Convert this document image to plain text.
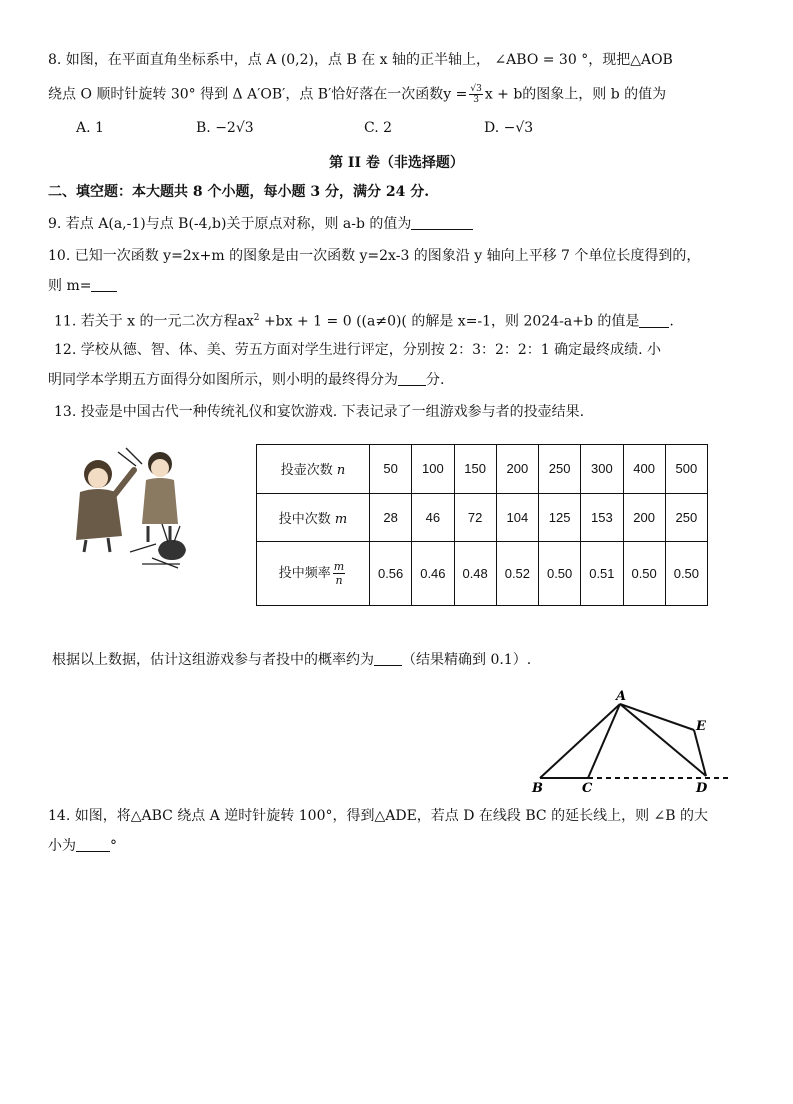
8. 如图，在平面直角坐标系中，点 A (0,2)，点 B 在 x 轴的正半轴上， ∠ABO = 30 °，现把△AOB
绕点 O 顺时针旋转 30° 得到 Δ A′OB′，点 B′恰好落在一次函数$y = \frac{√3}{3}$ x + b的图象上，则 b 的值为
A. 1	B. −2√3	C. 2	D. −√3
第 II 卷（非选择题）
二、填空题：本大题共 8 个小题，每小题 3 分，满分 24 分.
9. 若点 A(a,-1)与点 B(-4,b)关于原点对称，则 a-b 的值为
10. 已知一次函数 y=2x+m 的图象是由一次函数 y=2x-3 的图象沿 y 轴向上平移 7 个单位长度得到的，
则 m=
11. 若关于 x 的一元二次方程$ax^2 +bx + 1 = 0$ ((a≠0)( 的解是 x=-1，则 2024-a+b 的值是 .
12. 学校从德、智、体、美、劳五方面对学生进行评定，分别按 2：3：2：2：1 确定最终成绩. 小
明同学本学期五方面得分如图所示，则小明的最终得分为 分.
13. 投壶是中国古代一种传统礼仪和宴饮游戏. 下表记录了一组游戏参与者的投壶结果.
投壶次数 n	50	100	150	200	250	300	400	500
投中次数 m	28	46	72	104	125	153	200	250
投中频率 $\frac{m}{n}$	0.56	0.46	0.48	0.52	0.50	0.51	0.50	0.50
根据以上数据，估计这组游戏参与者投中的概率约为 （结果精确到 0.1）.
A
B	C	D
E
14. 如图，将△ABC 绕点 A 逆时针旋转 100°，得到△ADE，若点 D 在线段 BC 的延长线上，则 ∠B 的大
小为 °
